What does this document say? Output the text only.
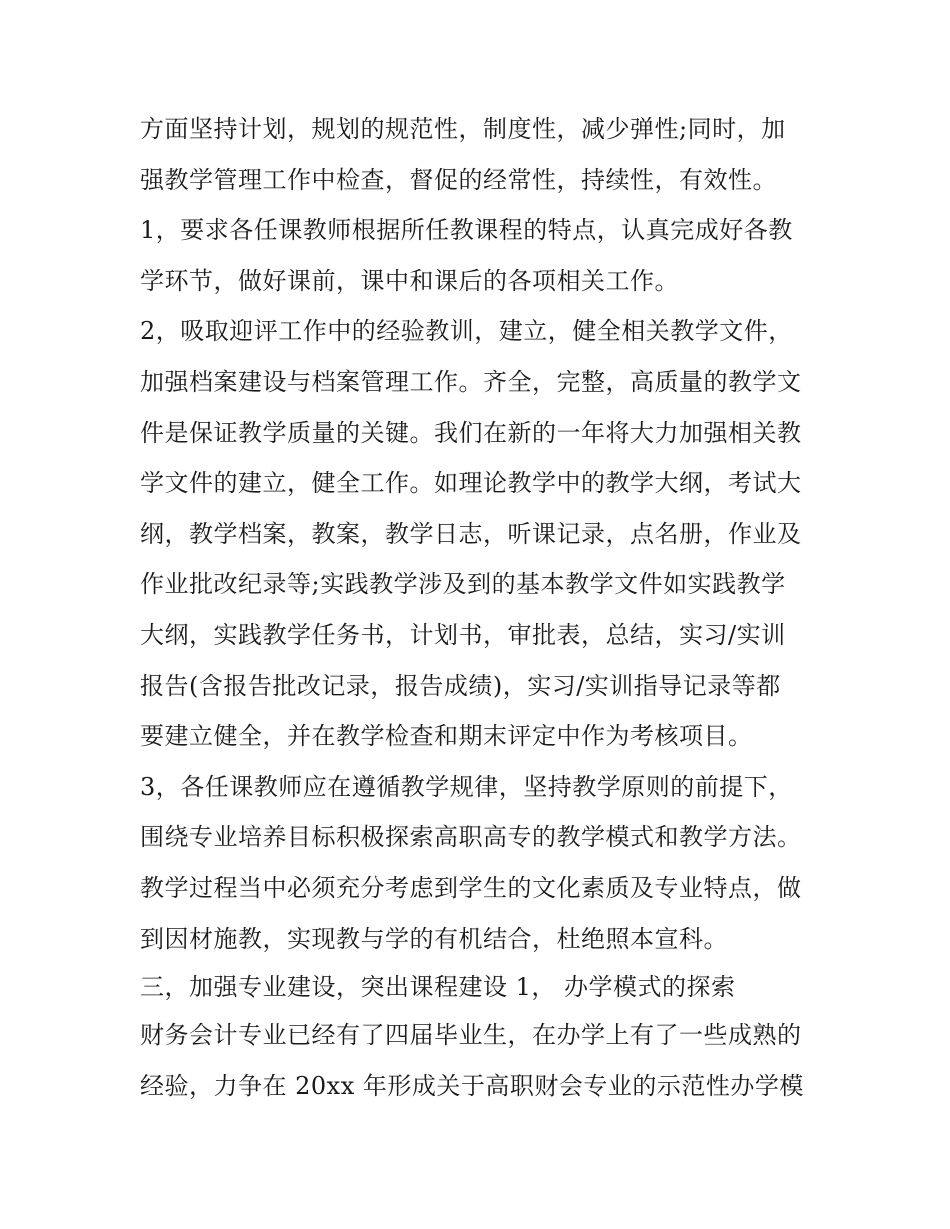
方面坚持计划，规划的规范性，制度性，减少弹性;同时，加
强教学管理工作中检查，督促的经常性，持续性，有效性。
1，要求各任课教师根据所任教课程的特点，认真完成好各教
学环节，做好课前，课中和课后的各项相关工作。
2，吸取迎评工作中的经验教训，建立，健全相关教学文件，
加强档案建设与档案管理工作。齐全，完整，高质量的教学文
件是保证教学质量的关键。我们在新的一年将大力加强相关教
学文件的建立，健全工作。如理论教学中的教学大纲，考试大
纲，教学档案，教案，教学日志，听课记录，点名册，作业及
作业批改纪录等;实践教学涉及到的基本教学文件如实践教学
大纲，实践教学任务书，计划书，审批表，总结，实习/实训
报告(含报告批改记录，报告成绩)，实习/实训指导记录等都
要建立健全，并在教学检查和期末评定中作为考核项目。
3，各任课教师应在遵循教学规律，坚持教学原则的前提下，
围绕专业培养目标积极探索高职高专的教学模式和教学方法。
教学过程当中必须充分考虑到学生的文化素质及专业特点，做
到因材施教，实现教与学的有机结合，杜绝照本宣科。
三，加强专业建设，突出课程建设 1， 办学模式的探索
财务会计专业已经有了四届毕业生，在办学上有了一些成熟的
经验，力争在 20xx 年形成关于高职财会专业的示范性办学模
